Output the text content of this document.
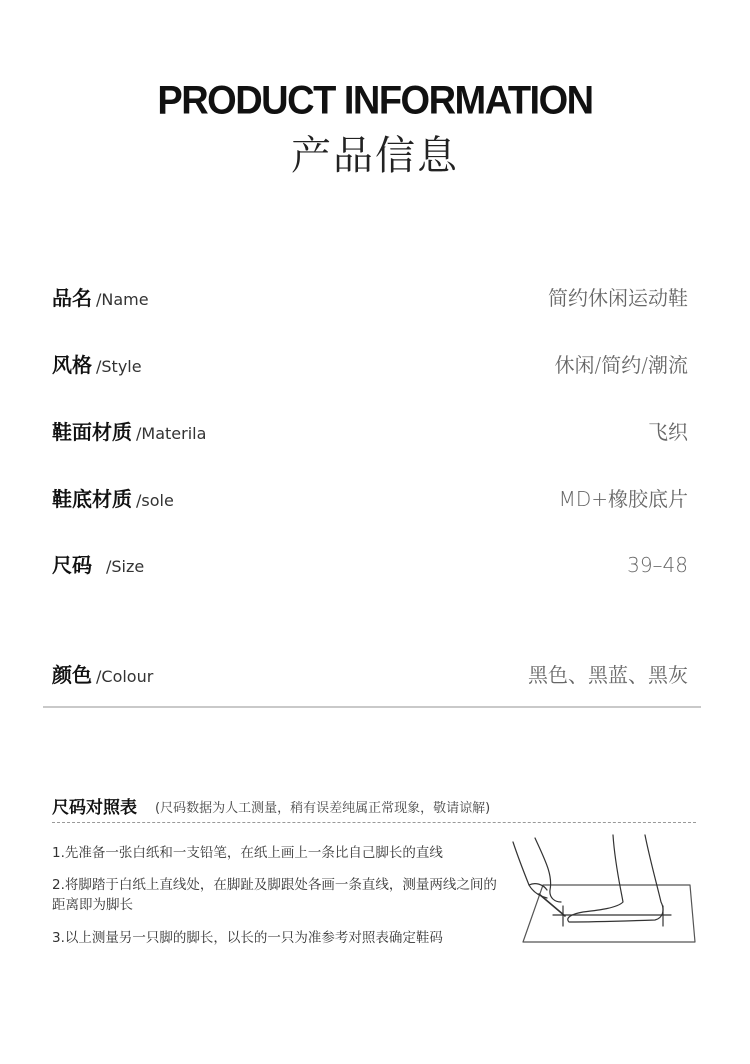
PRODUCT INFORMATION
产品信息
品名 /Name	简约休闲运动鞋
风格 /Style	休闲/简约/潮流
鞋面材质 /Materila	飞织
鞋底材质 /sole	MD+橡胶底片
尺码 /Size	39–48
颜色 /Colour	黑色、黑蓝、黑灰
尺码对照表 (尺码数据为人工测量，稍有误差纯属正常现象，敬请谅解)
1.先准备一张白纸和一支铅笔，在纸上画上一条比自己脚长的直线
2.将脚踏于白纸上直线处，在脚趾及脚跟处各画一条直线，测量两线之间的距离即为脚长
3.以上测量另一只脚的脚长，以长的一只为准参考对照表确定鞋码
